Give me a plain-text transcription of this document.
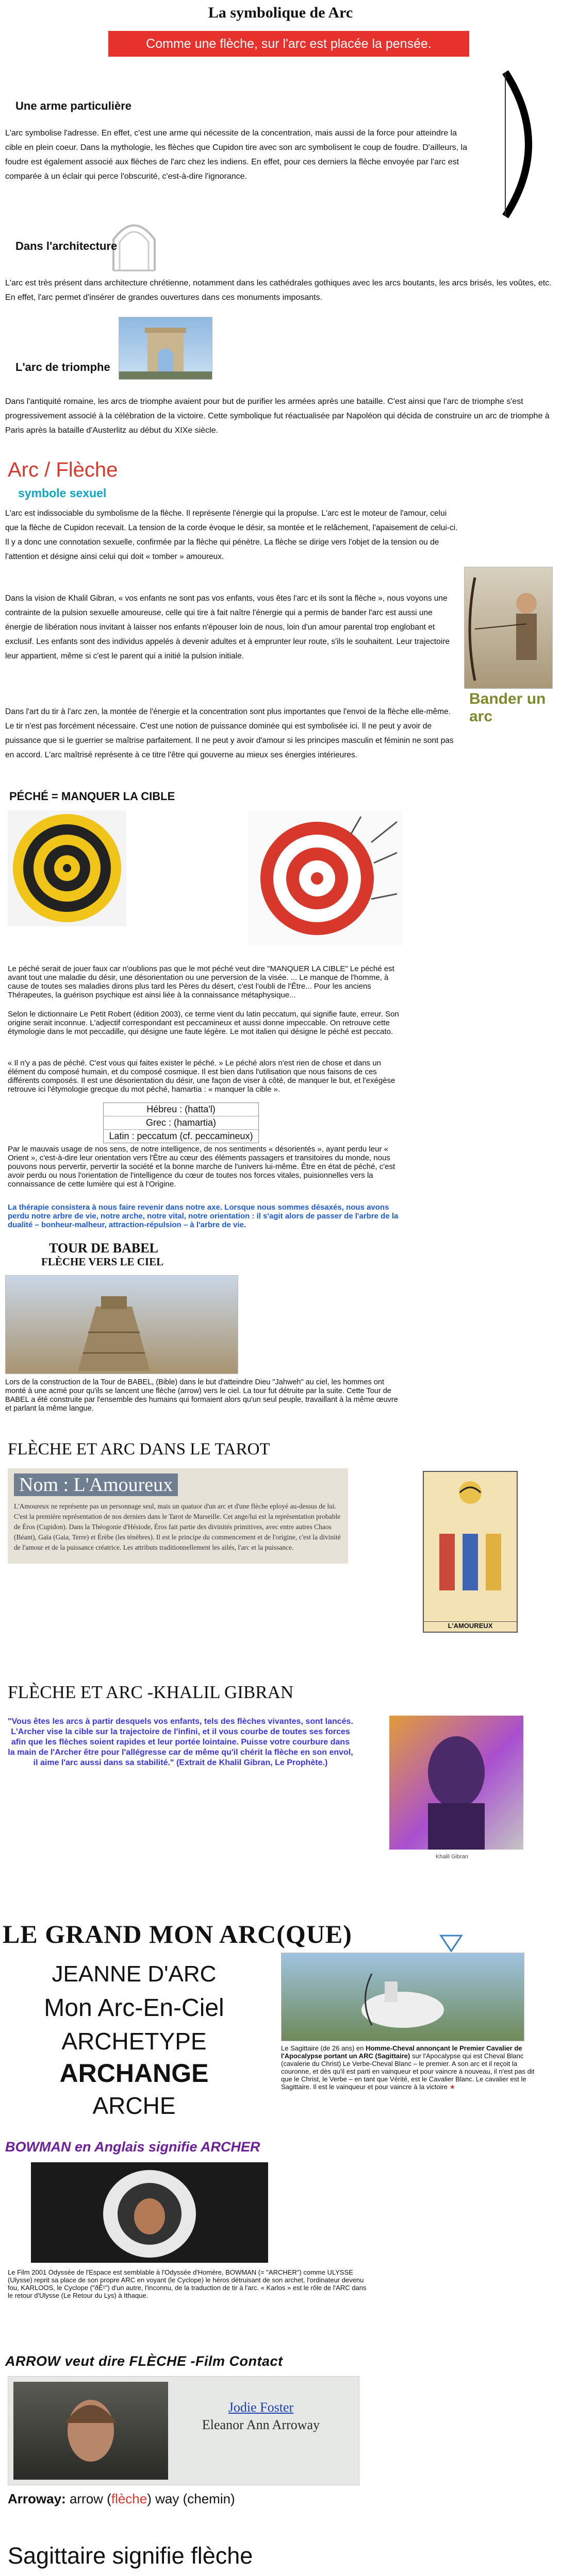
La symbolique de Arc
Comme une flèche, sur l'arc est placée la pensée.
Une arme particulière
L'arc symbolise l'adresse. En effet, c'est une arme qui nécessite de la concentration, mais aussi de la force pour atteindre la cible en plein coeur. Dans la mythologie, les flèches que Cupidon tire avec son arc symbolisent le coup de foudre. D'ailleurs, la foudre est également associé aux flèches de l'arc chez les indiens. En effet, pour ces derniers la flèche envoyée par l'arc est comparée à un éclair qui perce l'obscurité, c'est-à-dire l'ignorance.
Dans l'architecture
L'arc est très présent dans architecture chrétienne, notamment dans les cathédrales gothiques avec les arcs boutants, les arcs brisés, les voûtes, etc. En effet, l'arc permet d'insérer de grandes ouvertures dans ces monuments imposants.
L'arc de triomphe
Dans l'antiquité romaine, les arcs de triomphe avaient pour but de purifier les armées après une bataille. C'est ainsi que l'arc de triomphe s'est progressivement associé à la célébration de la victoire. Cette symbolique fut réactualisée par Napoléon qui décida de construire un arc de triomphe à Paris après la bataille d'Austerlitz au début du XIXe siècle.
Arc / Flèche
symbole sexuel
L'arc est indissociable du symbolisme de la flèche. Il représente l'énergie qui la propulse. L'arc est le moteur de l'amour, celui que la flèche de Cupidon recevait. La tension de la corde évoque le désir, sa montée et le relâchement, l'apaisement de celui-ci. Il y a donc une connotation sexuelle, confirmée par la flèche qui pénètre. La flèche se dirige vers l'objet de la tension ou de l'attention et désigne ainsi celui qui doit « tomber » amoureux.
Dans la vision de Khalil Gibran, « vos enfants ne sont pas vos enfants, vous êtes l'arc et ils sont la flèche », nous voyons une contrainte de la pulsion sexuelle amoureuse, celle qui tire à fait naître l'énergie qui a permis de bander l'arc est aussi une énergie de libération nous invitant à laisser nos enfants n'épouser loin de nous, loin d'un amour parental trop englobant et exclusif. Les enfants sont des individus appelés à devenir adultes et à emprunter leur route, s'ils le souhaitent. Leur trajectoire leur appartient, même si c'est le parent qui a initié la pulsion initiale.
Dans l'art du tir à l'arc zen, la montée de l'énergie et la concentration sont plus importantes que l'envoi de la flèche elle-même. Le tir n'est pas forcément nécessaire. C'est une notion de puissance dominée qui est symbolisée ici. Il ne peut y avoir de puissance que si le guerrier se maîtrise parfaitement. Il ne peut y avoir d'amour si les principes masculin et féminin ne sont pas en accord. L'arc maîtrisé représente à ce titre l'être qui gouverne au mieux ses énergies intérieures.
Bander un arc
PÉCHÉ = MANQUER LA CIBLE
Le péché serait de jouer faux car n'oublions pas que le mot péché veut dire "MANQUER LA CIBLE" Le péché est avant tout une maladie du désir, une désorientation ou une perversion de la visée. ... Le manque de l'homme, à cause de toutes ses maladies dirons plus tard les Pères du désert, c'est l'oubli de l'Être... Pour les anciens Thérapeutes, la guérison psychique est ainsi liée à la connaissance métaphysique...
Selon le dictionnaire Le Petit Robert (édition 2003), ce terme vient du latin peccatum, qui signifie faute, erreur. Son origine serait inconnue. L'adjectif correspondant est peccamineux et aussi donne impeccable. On retrouve cette étymologie dans le mot peccadille, qui désigne une faute légère. Le mot italien qui désigne le péché est peccato.
« Il n'y a pas de péché. C'est vous qui faites exister le péché. » Le péché alors n'est rien de chose et dans un élément du composé humain, et du composé cosmique. Il est bien dans l'utilisation que nous faisons de ces différents composés. Il est une désorientation du désir, une façon de viser à côté, de manquer le but, et l'exégèse retrouve ici l'étymologie grecque du mot péché, hamartia : « manquer la cible ».
Hébreu : (hatta'l)
Grec : (hamartia)
Latin : peccatum (cf. peccamineux)
Par le mauvais usage de nos sens, de notre intelligence, de nos sentiments « désorientés », ayant perdu leur « Orient », c'est-à-dire leur orientation vers l'Être au cœur des éléments passagers et transitoires du monde, nous pouvons nous pervertir, pervertir la société et la bonne marche de l'univers lui-même. Être en état de péché, c'est avoir perdu ou nous l'orientation de l'intelligence du cœur de toutes nos forces vitales, puisionnelles vers la connaissance de cette lumière qui est à l'Origine.
La thérapie consistera à nous faire revenir dans notre axe. Lorsque nous sommes désaxés, nous avons perdu notre arbre de vie, notre arche, notre vital, notre orientation : il s'agit alors de passer de l'arbre de la dualité – bonheur-malheur, attraction-répulsion – à l'arbre de vie.
TOUR DE BABEL
FLÈCHE VERS LE CIEL
Lors de la construction de la Tour de BABEL, (Bible) dans le but d'atteindre Dieu "Jahweh" au ciel, les hommes ont monté à une acmé pour qu'ils se lancent une flèche (arrow) vers le ciel. La tour fut détruite par la suite. Cette Tour de BABEL a été construite par l'ensemble des humains qui formaient alors qu'un seul peuple, travaillant à la même œuvre et parlant la même langue.
FLÈCHE ET ARC DANS LE TAROT
Nom : L'Amoureux
L'Amoureux ne représente pas un personnage seul, mais un quatuor d'un arc et d'une flèche eployé au-dessus de lui. C'est la première représentation de nos derniers dans le Tarot de Marseille. Cet ange/lui est la représentation probable de Éros (Cupidon). Dans la Théogonie d'Hésiode, Éros fait partie des divinités primitives, avec entre autres Chaos (Béant), Gaïa (Gaia, Terre) et Érèbe (les ténèbres). Il est le principe du commencement et de l'origine, c'est la divinité de l'amour et de la puissance créatrice. Les attributs traditionnellement les ailés, l'arc et la puissance.
L'AMOUREUX
FLÈCHE ET ARC -KHALIL GIBRAN
"Vous êtes les arcs à partir desquels vos enfants, tels des flèches vivantes, sont lancés. L'Archer vise la cible sur la trajectoire de l'infini, et il vous courbe de toutes ses forces afin que les flèches soient rapides et leur portée lointaine. Puisse votre courbure dans la main de l'Archer être pour l'allégresse car de même qu'il chérit la flèche en son envol, il aime l'arc aussi dans sa stabilité." (Extrait de Khalil Gibran, Le Prophète.)
Khalil Gibran
LE GRAND MON ARC(QUE)
JEANNE D'ARC
Mon Arc-En-Ciel
ARCHETYPE
ARCHANGE
ARCHE
Le Sagittaire (de 26 ans) en Homme-Cheval annonçant le Premier Cavalier de l'Apocalypse portant un ARC (Sagittaire) sur l'Apocalypse qui est Cheval Blanc (cavalerie du Christ) Le Verbe-Cheval Blanc – le premier. A son arc et il reçoit la couronne, et dès qu'il est parti en vainqueur et pour vaincre à nouveau, il n'est pas dit que le Christ, le Verbe – en tant que Vérité, est le Cavalier Blanc. Le cavalier est le Sagittaire. Il est le vainqueur et pour vaincre à la victoire ★
BOWMAN en Anglais signifie ARCHER
Le Film 2001 Odyssée de l'Espace est semblable à l'Odyssée d'Homère, BOWMAN (= "ARCHER") comme ULYSSE (Ulysse) reprit sa place de son propre ARC en voyant (le Cyclope) le héros détruisant de son archet, l'ordinateur devenu fou, KARLOOS, le Cyclope ("ðÊ¹") d'un autre, l'inconnu, de la traduction de tir à l'arc. « Karlos » est le rôle de l'ARC dans le retour d'Ulysse (Le Retour du Lys) à Ithaque.
ARROW veut dire FLÈCHE -Film Contact
Jodie Foster
Eleanor Ann Arroway
Arroway: arrow (flèche) way (chemin)
Sagittaire signifie flèche
